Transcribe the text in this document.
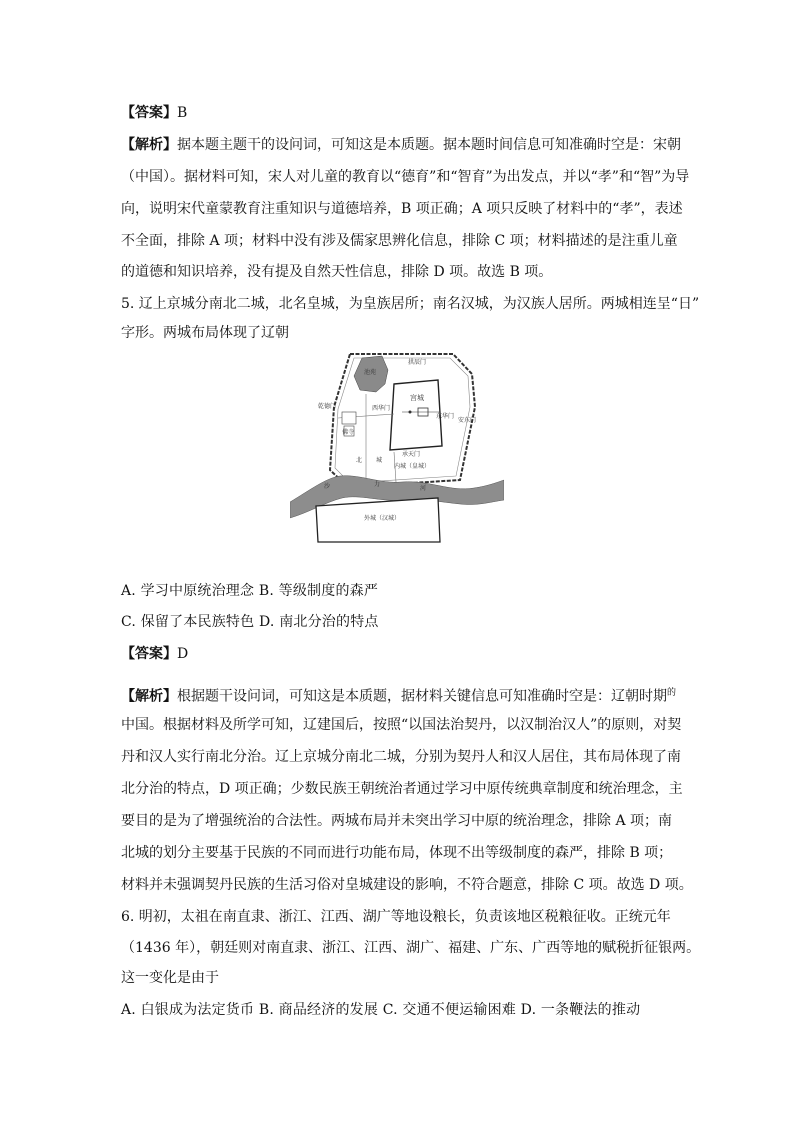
【答案】B
【解析】据本题主题干的设问词，可知这是本质题。据本题时间信息可知准确时空是：宋朝
（中国）。据材料可知，宋人对儿童的教育以“德育”和“智育”为出发点，并以“孝”和“智”为导
向，说明宋代童蒙教育注重知识与道德培养，B 项正确；A 项只反映了材料中的“孝”，表述
不全面，排除 A 项；材料中没有涉及儒家思辨化信息，排除 C 项；材料描述的是注重儿童
的道德和知识培养，没有提及自然天性信息，排除 D 项。故选 B 项。
5. 辽上京城分南北二城，北名皇城，为皇族居所；南名汉城，为汉族人居所。两城相连呈“日”
字形。两城布局体现了辽朝
拱辰门
乾德门
池苑
宫城
西华门
东华门
安东门
佛寺
承天门
内城（皇城）
北 城
沙	力
河
外城（汉城）
A. 学习中原统治理念 B. 等级制度的森严
C. 保留了本民族特色 D. 南北分治的特点
【答案】D
【解析】根据题干设问词，可知这是本质题，据材料关键信息可知准确时空是：辽朝时期$^的$
中国。根据材料及所学可知，辽建国后，按照“以国法治契丹，以汉制治汉人”的原则，对契
丹和汉人实行南北分治。辽上京城分南北二城，分别为契丹人和汉人居住，其布局体现了南
北分治的特点，D 项正确；少数民族王朝统治者通过学习中原传统典章制度和统治理念，主
要目的是为了增强统治的合法性。两城布局并未突出学习中原的统治理念，排除 A 项；南
北城的划分主要基于民族的不同而进行功能布局，体现不出等级制度的森严，排除 B 项；
材料并未强调契丹民族的生活习俗对皇城建设的影响，不符合题意，排除 C 项。故选 D 项。
6. 明初，太祖在南直隶、浙江、江西、湖广等地设粮长，负责该地区税粮征收。正统元年
（1436 年），朝廷则对南直隶、浙江、江西、湖广、福建、广东、广西等地的赋税折征银两。
这一变化是由于
A. 白银成为法定货币 B. 商品经济的发展 C. 交通不便运输困难 D. 一条鞭法的推动
